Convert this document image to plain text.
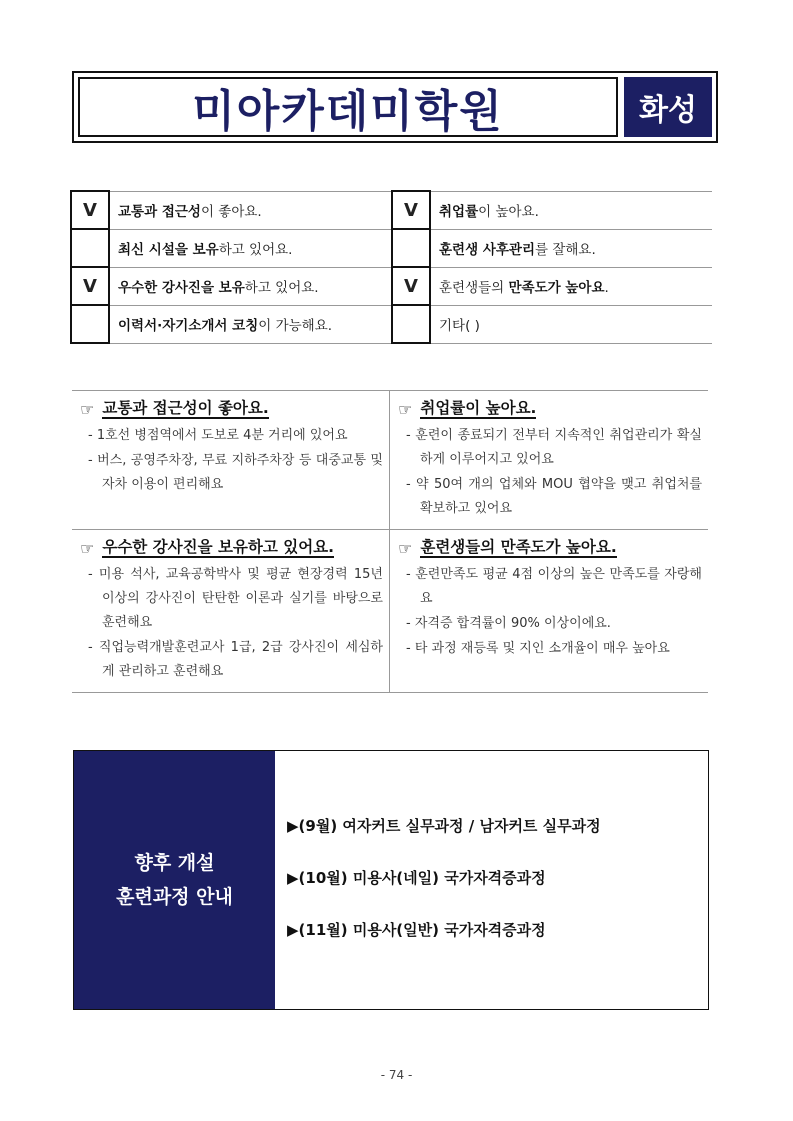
미아카데미학원	화성
V	교통과 접근성이 좋아요.	V	취업률이 높아요.
	최신 시설을 보유하고 있어요.		훈련생 사후관리를 잘해요.
V	우수한 강사진을 보유하고 있어요.	V	훈련생들의 만족도가 높아요.
	이력서·자기소개서 코칭이 가능해요.		기타( )
☞ 교통과 접근성이 좋아요.
- 1호선 병점역에서 도보로 4분 거리에 있어요
- 버스, 공영주차장, 무료 지하주차장 등 대중교통 및 자차 이용이 편리해요
☞ 취업률이 높아요.
- 훈련이 종료되기 전부터 지속적인 취업관리가 확실하게 이루어지고 있어요
- 약 50여 개의 업체와 MOU 협약을 맺고 취업처를 확보하고 있어요
☞ 우수한 강사진을 보유하고 있어요.
- 미용 석사, 교육공학박사 및 평균 현장경력 15년 이상의 강사진이 탄탄한 이론과 실기를 바탕으로 훈련해요
- 직업능력개발훈련교사 1급, 2급 강사진이 세심하게 관리하고 훈련해요
☞ 훈련생들의 만족도가 높아요.
- 훈련만족도 평균 4점 이상의 높은 만족도를 자랑해요
- 자격증 합격률이 90% 이상이에요.
- 타 과정 재등록 및 지인 소개율이 매우 높아요
향후 개설
훈련과정 안내
▶(9월) 여자커트 실무과정 / 남자커트 실무과정
▶(10월) 미용사(네일) 국가자격증과정
▶(11월) 미용사(일반) 국가자격증과정
- 74 -
